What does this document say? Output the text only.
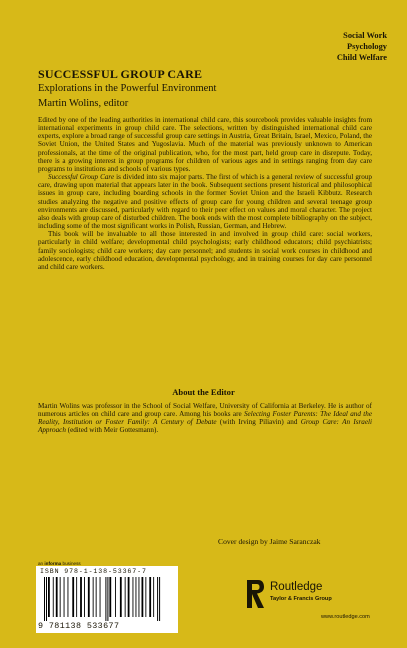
Social Work
Psychology
Child Welfare
SUCCESSFUL GROUP CARE
Explorations in the Powerful Environment
Martin Wolins, editor

Edited by one of the leading authorities in international child care, this sourcebook provides valuable insights from international experiments in group child care. The selections, written by distinguished international child care experts, explore a broad range of successful group care settings in Austria, Great Britain, Israel, Mexico, Poland, the Soviet Union, the United States and Yugoslavia. Much of the material was previously unknown to American professionals, at the time of the original publication, who, for the most part, held group care in disrepute. Today, there is a growing interest in group programs for children of various ages and in settings ranging from day care programs to institutions and schools of various types.

Successful Group Care is divided into six major parts. The first of which is a general review of successful group care, drawing upon material that appears later in the book. Subsequent sections present historical and philosophical issues in group care, including boarding schools in the former Soviet Union and the Israeli Kibbutz. Research studies analyzing the negative and positive effects of group care for young children and several teenage group environments are discussed, particularly with regard to their peer effect on values and moral character. The project also deals with group care of disturbed children. The book ends with the most complete bibliography on the subject, including some of the most significant works in Polish, Russian, German, and Hebrew.

This book will be invaluable to all those interested in and involved in group child care: social workers, particularly in child welfare; developmental child psychologists; early childhood educators; child psychiatrists; family sociologists; child care workers; day care personnel; and students in social work courses in childhood and adolescence, early childhood education, developmental psychology, and in training courses for day care personnel and child care workers.

About the Editor

Martin Wolins was professor in the School of Social Welfare, University of California at Berkeley. He is author of numerous articles on child care and group care. Among his books are Selecting Foster Parents: The Ideal and the Reality, Institution or Foster Family: A Century of Debate (with Irving Piliavin) and Group Care: An Israeli Approach (edited with Meir Gottesmann).

Cover design by Jaime Saranczak
an informa business
ISBN 978-1-138-53367-7
9 781138 533677
Routledge
Taylor & Francis Group
www.routledge.com
